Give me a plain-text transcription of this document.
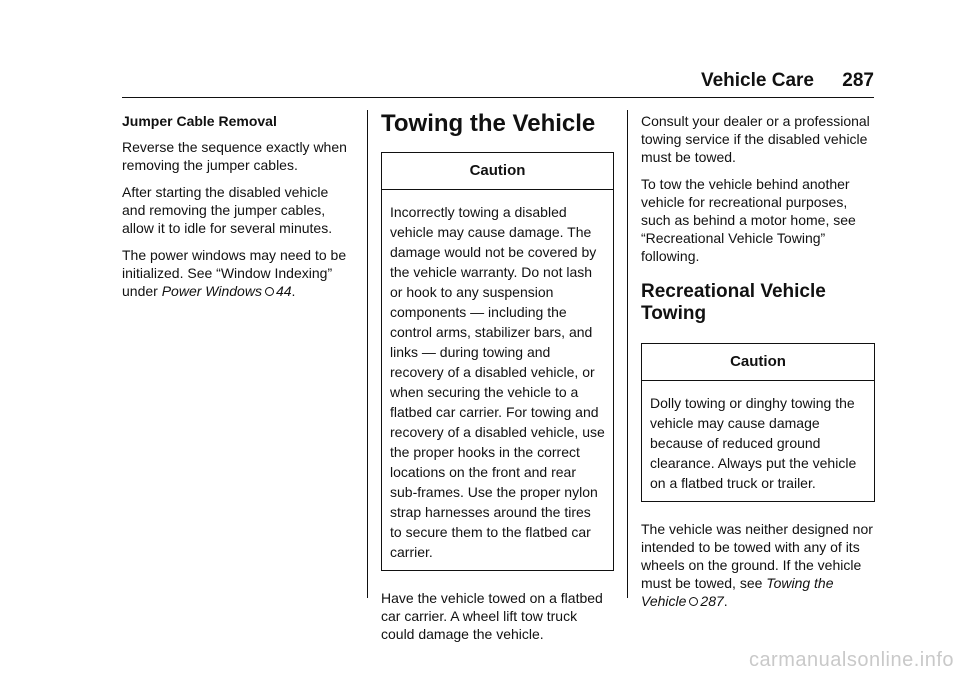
Vehicle Care 287
Jumper Cable Removal

Reverse the sequence exactly when removing the jumper cables.

After starting the disabled vehicle and removing the jumper cables, allow it to idle for several minutes.

The power windows may need to be initialized. See “Window Indexing” under Power Windows 44.

Towing the Vehicle
Caution
Incorrectly towing a disabled vehicle may cause damage. The damage would not be covered by the vehicle warranty. Do not lash or hook to any suspension components — including the control arms, stabilizer bars, and links — during towing and recovery of a disabled vehicle, or when securing the vehicle to a flatbed car carrier. For towing and recovery of a disabled vehicle, use the proper hooks in the correct locations on the front and rear sub-frames. Use the proper nylon strap harnesses around the tires to secure them to the flatbed car carrier.

Have the vehicle towed on a flatbed car carrier. A wheel lift tow truck could damage the vehicle.

Consult your dealer or a professional towing service if the disabled vehicle must be towed.

To tow the vehicle behind another vehicle for recreational purposes, such as behind a motor home, see “Recreational Vehicle Towing” following.

Recreational Vehicle Towing
Caution
Dolly towing or dinghy towing the vehicle may cause damage because of reduced ground clearance. Always put the vehicle on a flatbed truck or trailer.

The vehicle was neither designed nor intended to be towed with any of its wheels on the ground. If the vehicle must be towed, see Towing the Vehicle 287.

carmanualsonline.info
